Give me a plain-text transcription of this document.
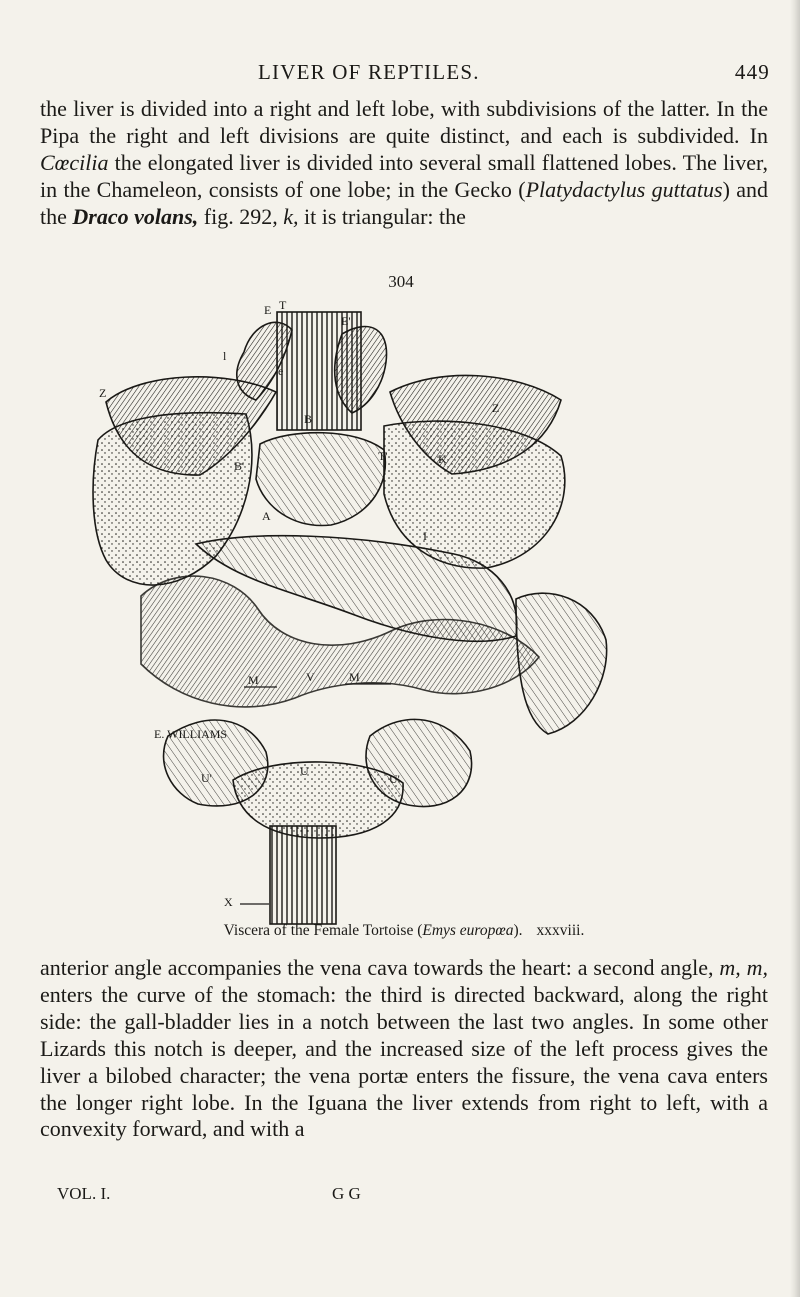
LIVER OF REPTILES.	449

the liver is divided into a right and left lobe, with subdivisions of the latter. In the Pipa the right and left divisions are quite distinct, and each is subdivided. In Cœcilia the elongated liver is divided into several small flattened lobes. The liver, in the Chameleon, consists of one lobe; in the Gecko (Platydactylus guttatus) and the Draco volans, fig. 292, k, it is triangular: the

304
E T
E'
l
e
Z
Z
B
B'
A
T'	K
I
M	M
V
U
U'	U'
X
E. WILLIAMS
Viscera of the Female Tortoise (Emys europœa). xxxviii.

anterior angle accompanies the vena cava towards the heart: a second angle, m, m, enters the curve of the stomach: the third is directed backward, along the right side: the gall-bladder lies in a notch between the last two angles. In some other Lizards this notch is deeper, and the increased size of the left process gives the liver a bilobed character; the vena portæ enters the fissure, the vena cava enters the longer right lobe. In the Iguana the liver extends from right to left, with a convexity forward, and with a

VOL. I.	G G
